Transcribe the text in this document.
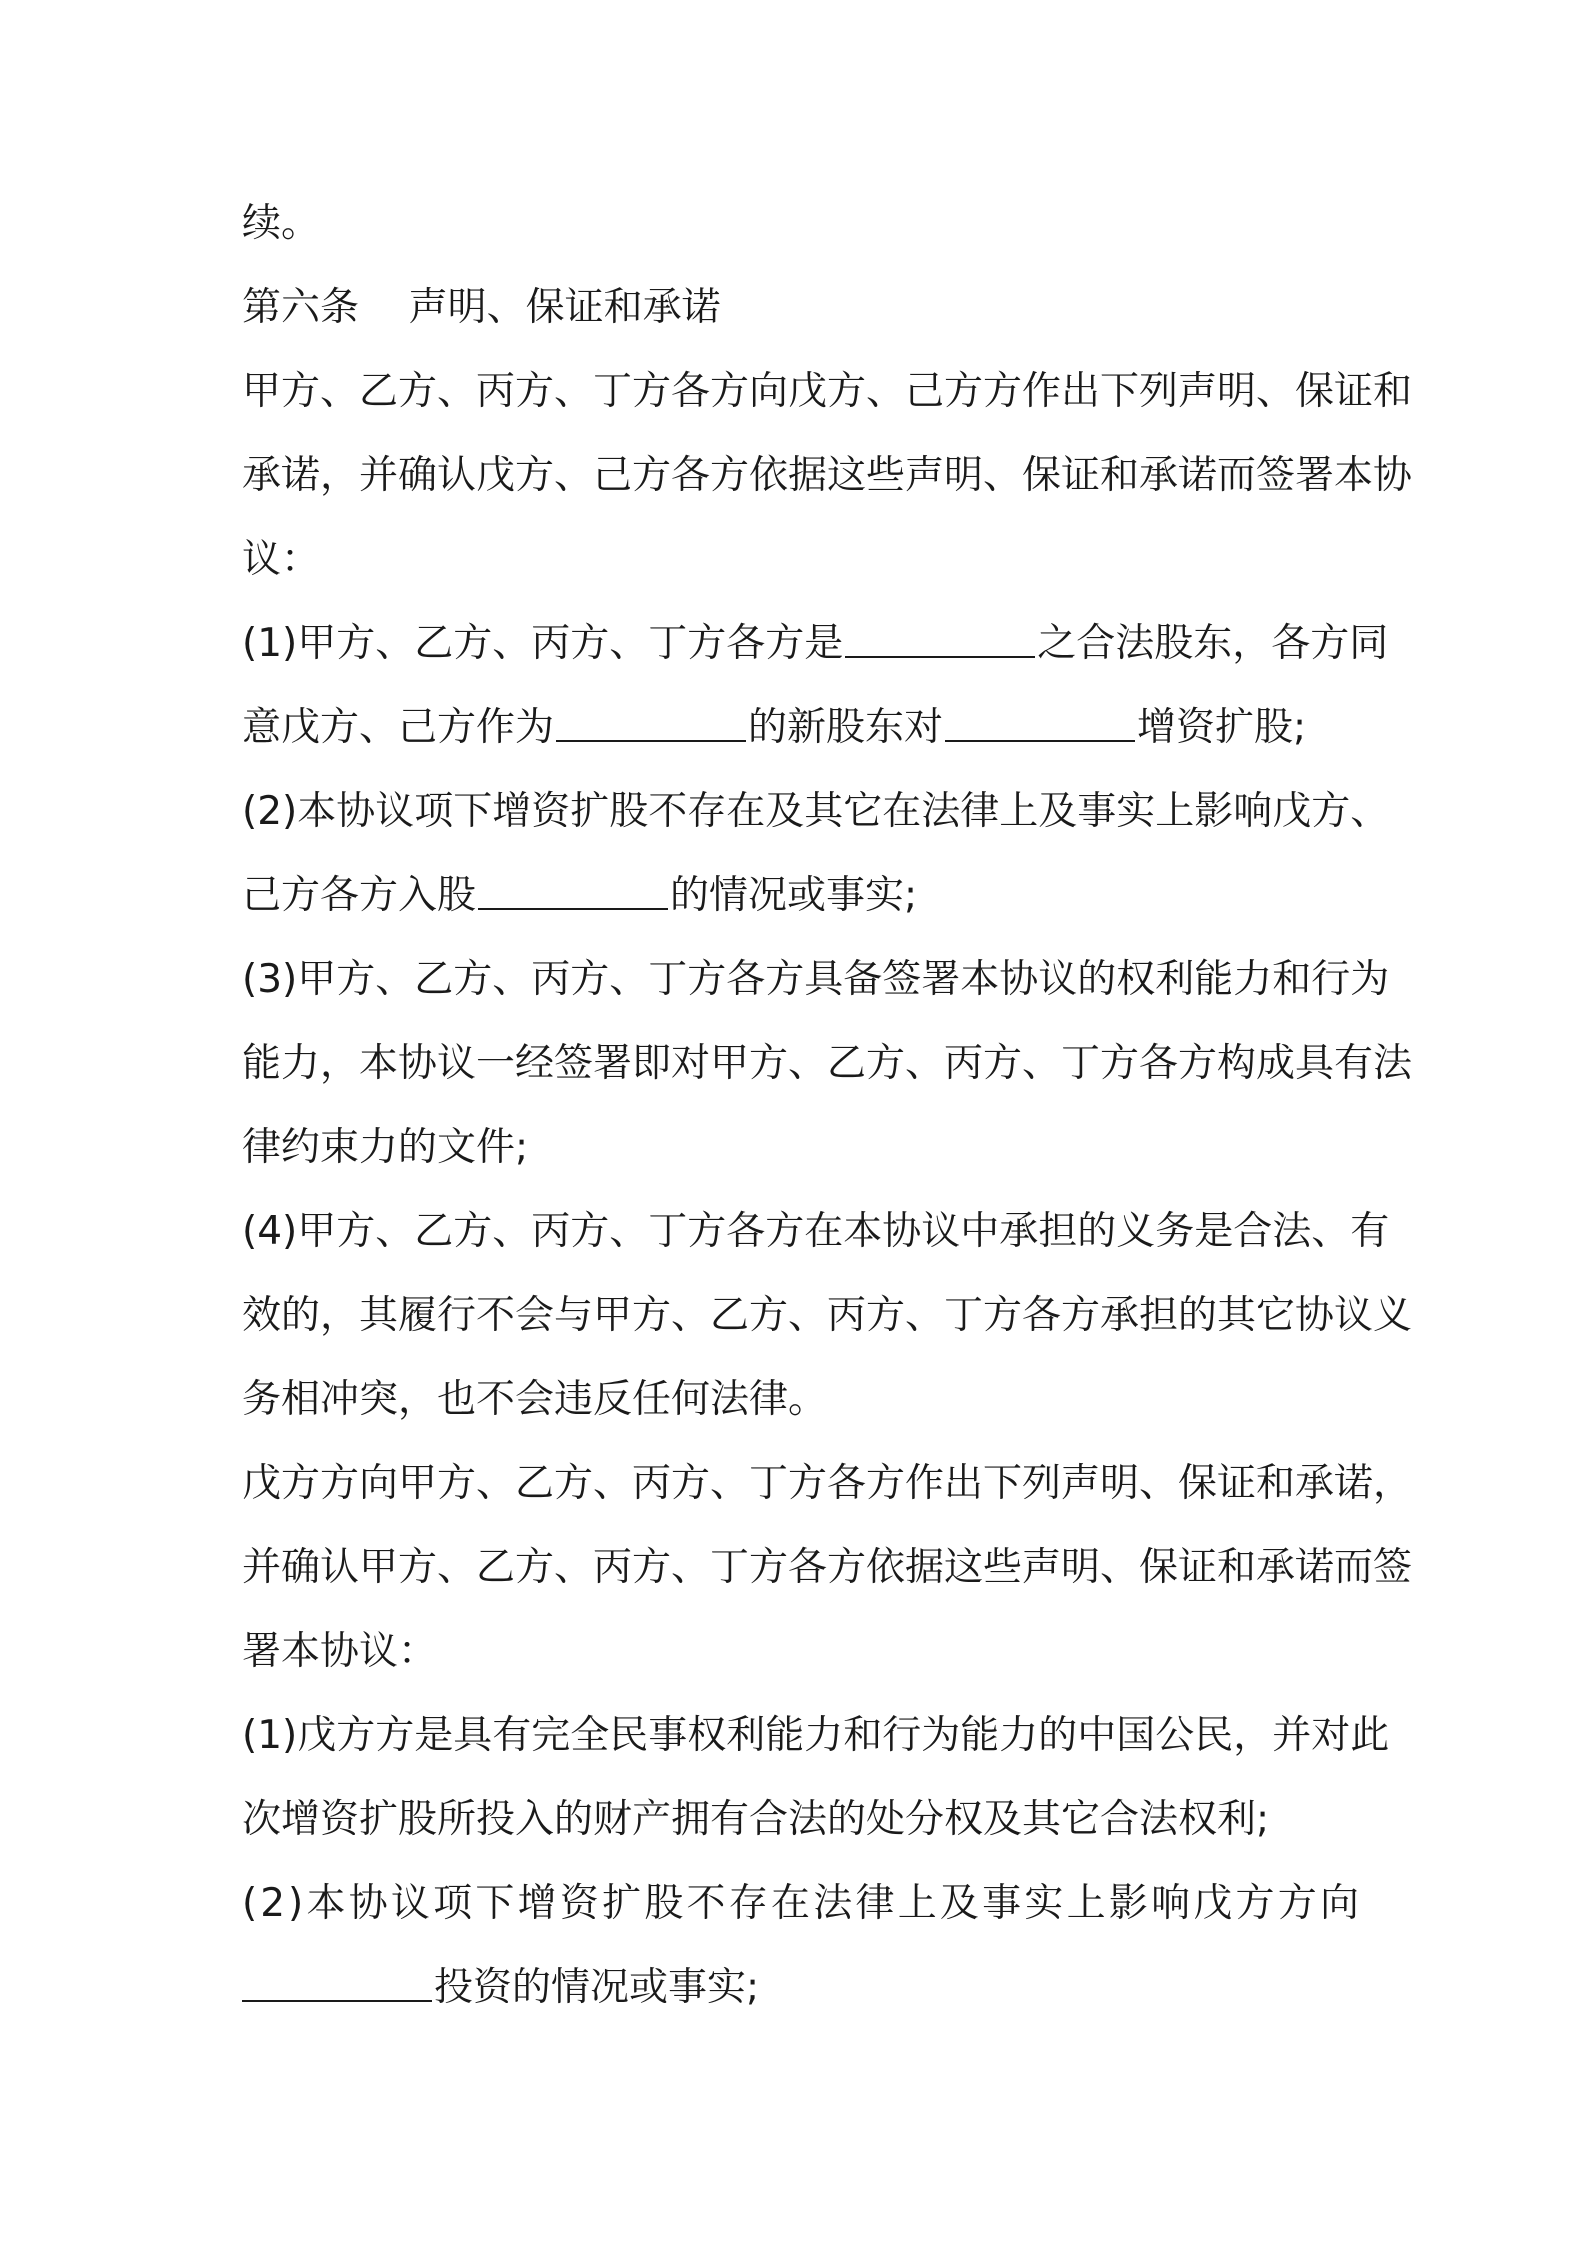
续。

第六条    声明、保证和承诺

甲方、乙方、丙方、丁方各方向戊方、己方方作出下列声明、保证和

承诺，并确认戊方、己方各方依据这些声明、保证和承诺而签署本协

议：

(1)甲方、乙方、丙方、丁方各方是	之合法股东，各方同

意戊方、己方作为	的新股东对	增资扩股;

(2)本协议项下增资扩股不存在及其它在法律上及事实上影响戊方、

己方各方入股	的情况或事实;

(3)甲方、乙方、丙方、丁方各方具备签署本协议的权利能力和行为

能力，本协议一经签署即对甲方、乙方、丙方、丁方各方构成具有法

律约束力的文件;

(4)甲方、乙方、丙方、丁方各方在本协议中承担的义务是合法、有

效的，其履行不会与甲方、乙方、丙方、丁方各方承担的其它协议义

务相冲突，也不会违反任何法律。

戊方方向甲方、乙方、丙方、丁方各方作出下列声明、保证和承诺，

并确认甲方、乙方、丙方、丁方各方依据这些声明、保证和承诺而签

署本协议：

(1)戊方方是具有完全民事权利能力和行为能力的中国公民，并对此

次增资扩股所投入的财产拥有合法的处分权及其它合法权利;

(2)本协议项下增资扩股不存在法律上及事实上影响戊方方向

投资的情况或事实;
